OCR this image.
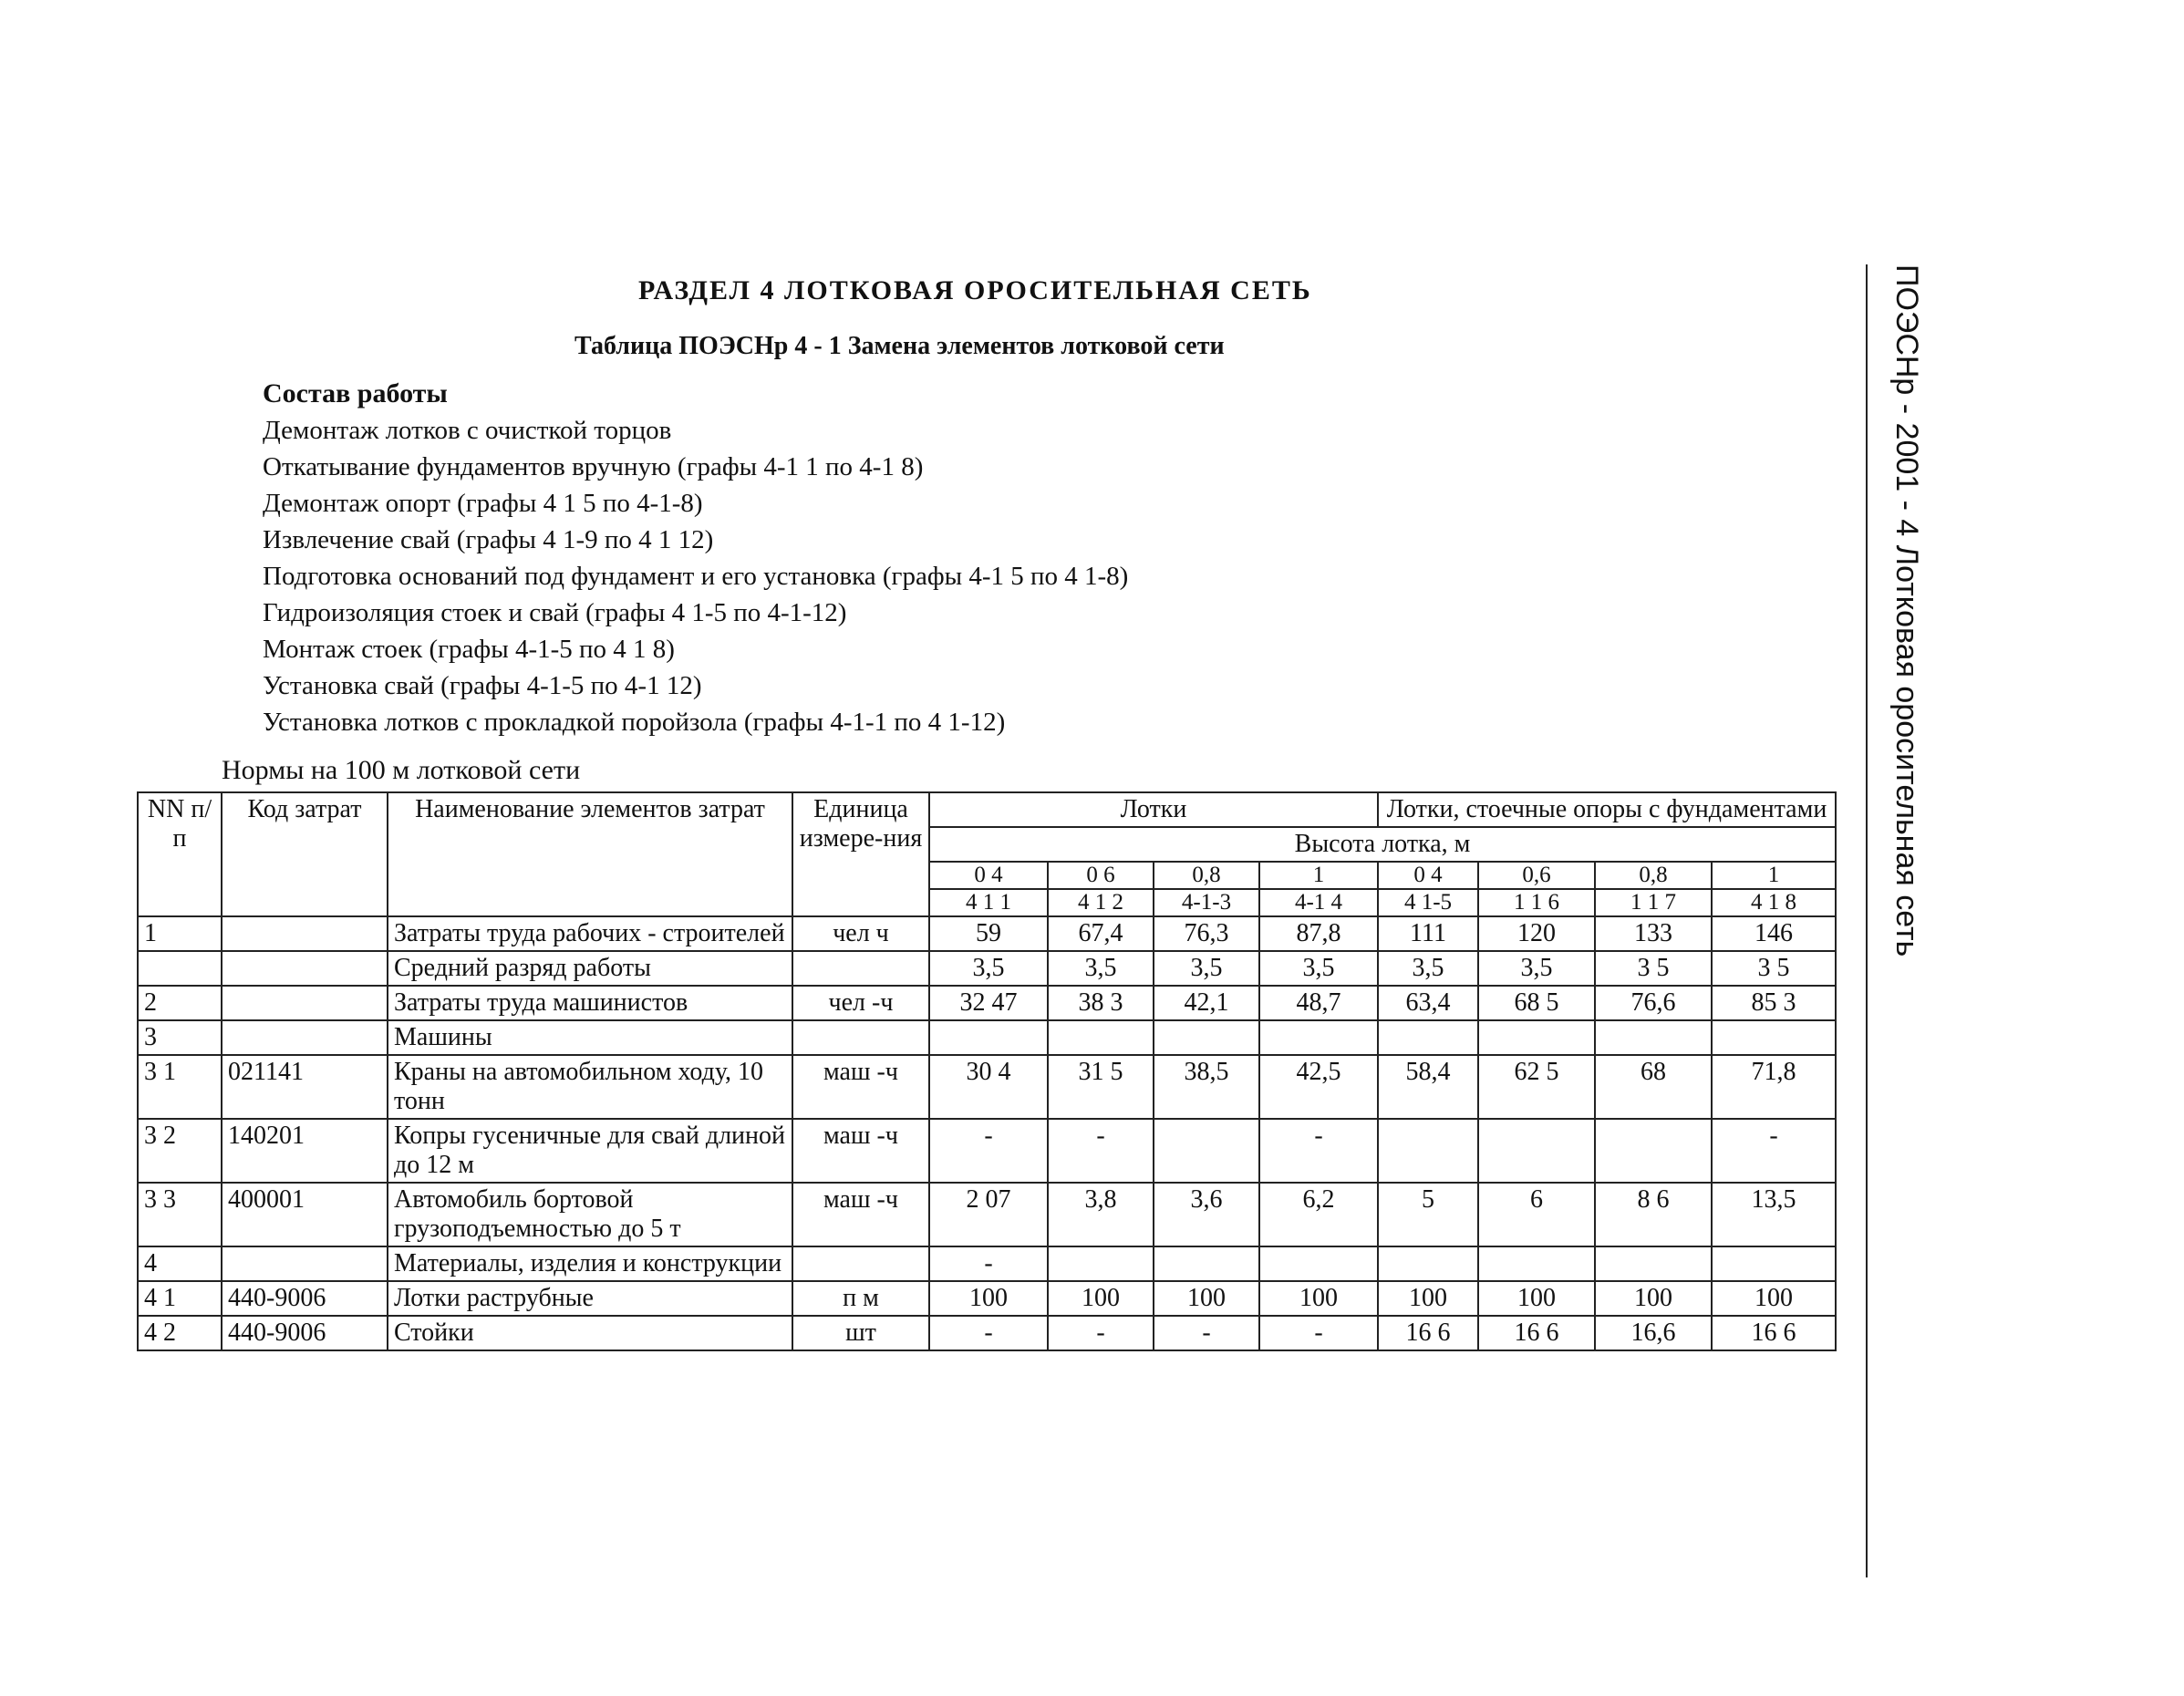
РАЗДЕЛ 4 ЛОТКОВАЯ ОРОСИТЕЛЬНАЯ СЕТЬ
Таблица ПОЭСНр 4 - 1 Замена элементов лотковой сети
Состав работы
Демонтаж лотков с очисткой торцов
Откатывание фундаментов вручную (графы 4-1 1 по 4-1 8)
Демонтаж опорт (графы 4 1 5 по 4-1-8)
Извлечение свай (графы 4 1-9 по 4 1 12)
Подготовка оснований под фундамент и его установка (графы 4-1 5 по 4 1-8)
Гидроизоляция стоек и свай (графы 4 1-5 по 4-1-12)
Монтаж стоек (графы 4-1-5 по 4 1 8)
Установка свай (графы 4-1-5 по 4-1 12)
Установка лотков с прокладкой поройзола (графы 4-1-1 по 4 1-12)
Нормы на 100 м лотковой сети	ПОЭСНр - 2001 - 4 Лотковая оросительная сеть
NN п/п	Код затрат	Наименование элементов затрат	Единица измере-ния	Лотки				Лотки, стоечные опоры с фундаментами			
				Высота лотка, м							
				0 4	0 6	0,8	1	0 4	0,6	0,8	1
				4 1 1	4 1 2	4-1-3	4-1 4	4 1-5	1 1 6	1 1 7	4 1 8
1		Затраты труда рабочих - строителей	чел ч	59	67,4	76,3	87,8	111	120	133	146
		Средний разряд работы		3,5	3,5	3,5	3,5	3,5	3,5	3 5	3 5
2		Затраты труда машинистов	чел -ч	32 47	38 3	42,1	48,7	63,4	68 5	76,6	85 3
3		Машины									
3 1	021141	Краны на автомобильном ходу, 10 тонн	маш -ч	30 4	31 5	38,5	42,5	58,4	62 5	68	71,8
3 2	140201	Копры гусеничные для свай длиной до 12 м	маш -ч	-	-		-				-
3 3	400001	Автомобиль бортовой грузоподъемностью до 5 т	маш -ч	2 07	3,8	3,6	6,2	5	6	8 6	13,5
4		Материалы, изделия и конструкции		-							
4 1	440-9006	Лотки раструбные	п м	100	100	100	100	100	100	100	100
4 2	440-9006	Стойки	шт	-	-	-	-	16 6	16 6	16,6	16 6
